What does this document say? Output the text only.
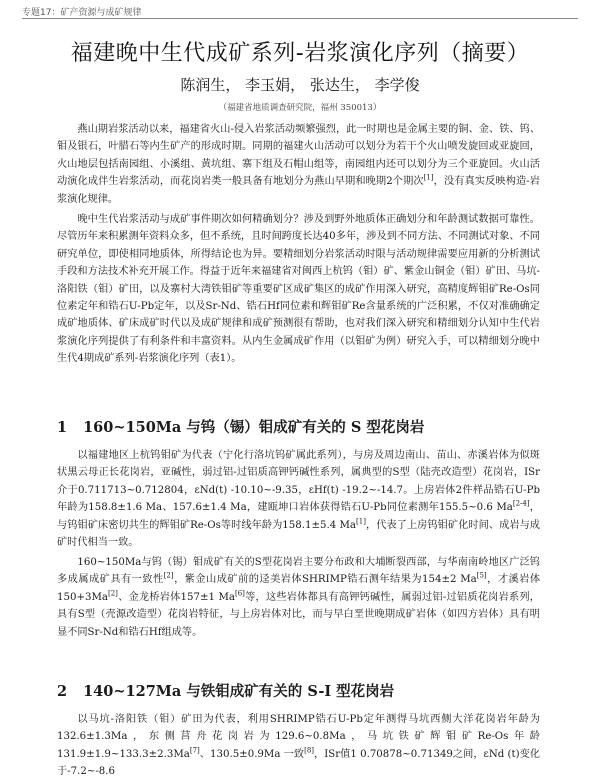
专题17：矿产资源与成矿规律
福建晚中生代成矿系列-岩浆演化序列（摘要）
陈润生， 李玉娟， 张达生， 李学俊
（福建省地质调查研究院，福州 350013）

燕山期岩浆活动以来，福建省火山-侵入岩浆活动频繁强烈，此一时期也是金属主要的铜、金、铁、钨、钼及银石，叶腊石等内生矿产的形成时期。同期的福建火山活动可以划分为若干个火山喷发旋回或亚旋回，火山地层包括南园组、小溪组、黄坑组、寨下组及石帽山组等，南园组内还可以划分为三个亚旋回。火山活动演化成伴生岩浆活动，而花岗岩类一般具备有地划分为燕山早期和晚期2个期次[1]，没有真实反映构造-岩浆演化规律。

晚中生代岩浆活动与成矿事件期次如何精确划分？涉及到野外地质体正确划分和年龄测试数据可靠性。尽管历年来积累测年资料众多，但不系统，且时间跨度长达40多年，涉及到不同方法、不同测试对象、不同研究单位，即使相同地质体，所得结论也为异。要精细划分岩浆活动时限与活动规律需要应用新的分析测试手段和方法技术补充开展工作。得益于近年来福建省对闽西上杭钨（钼）矿、紫金山铜金（钼）矿田、马坑-洛阳铁（钼）矿田，以及寨村大湾铁钼矿等重要矿区成矿集区的成矿作用深入研究，高精度辉钼矿Re-Os同位素定年和锆石U-Pb定年，以及Sr-Nd、锆石Hf同位素和辉钼矿Re含量系统的广泛积累，不仅对准确确定成矿地质体、矿床成矿时代以及成矿规律和成矿预测很有帮助，也对我们深入研究和精细划分认知中生代岩浆演化序列提供了有利条件和丰富资料。从内生金属成矿作用（以钼矿为例）研究入手，可以精细划分晚中生代4期成矿系列-岩浆演化序列（表1）。

1 160~150Ma 与钨（锡）钼成矿有关的 S 型花岗岩

以福建地区上杭钨钼矿为代表（宁化行洛坑钨矿属此系列），与房及周边南山、苗山、赤溪岩体为似斑状黑云母正长花岗岩，亚碱性，弱过铝-过铝质高钾钙碱性系列，属典型的S型（陆壳改造型）花岗岩，ISr介于0.711713~0.712804，εNd(t) -10.10~-9.35，εHf(t) -19.2~-14.7。上房岩体2件样品锆石U-Pb年龄为158.8±1.6 Ma、157.6±1.4 Ma，建瓯坤口岩体获得锆石U-Pb同位素测年155.5~0.6 Ma[2-4]，与钨钼矿床密切共生的辉钼矿Re-Os等时线年龄为158.1±5.4 Ma[1]，代表了上房钨钼矿化时间、成岩与成矿时代相当一致。

160~150Ma与钨（锡）钼成矿有关的S型花岗岩主要分布政和大埔断裂西部，与华南南岭地区广泛钨多成属成矿具有一致性[2]，紫金山成矿前的迳美岩体SHRIMP锆石测年结果为154±2 Ma[5]，才溪岩体150+3Ma[2]、金龙桥岩体157±1 Ma[6]等，这些岩体都具有高钾钙碱性，属弱过铝-过铝质花岗岩系列，具有S型（壳源改造型）花岗岩特征，与上房岩体对比，而与早白垩世晚期成矿岩体（如四方岩体）具有明显不同Sr-Nd和锆石Hf组成等。

2 140~127Ma 与铁钼成矿有关的 S-I 型花岗岩

以马坑-洛阳铁（钼）矿田为代表，利用SHRIMP锆石U-Pb定年测得马坑西侧大洋花岗岩年龄为132.6±1.3Ma，东侧莒舟花岗岩为129.6~0.8Ma，马坑铁矿辉钼矿Re-Os年龄131.9±1.9~133.3±2.3Ma[7]、130.5±0.9Ma 一致[8]，ISr值1 0.70878~0.71349之间，εNd (t)变化于-7.2~-8.6
